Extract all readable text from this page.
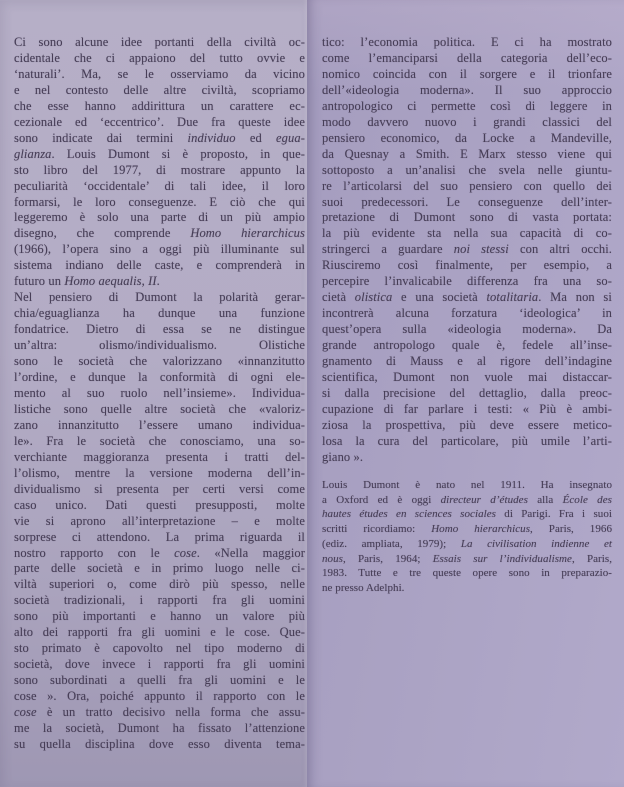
Ci sono alcune idee portanti della civiltà oc-
cidentale che ci appaiono del tutto ovvie e
‘naturali’. Ma, se le osserviamo da vicino
e nel contesto delle altre civiltà, scopriamo
che esse hanno addirittura un carattere ec-
cezionale ed ‘eccentrico’. Due fra queste idee
sono indicate dai termini individuo ed egua-
glianza. Louis Dumont si è proposto, in que-
sto libro del 1977, di mostrare appunto la
peculiarità ‘occidentale’ di tali idee, il loro
formarsi, le loro conseguenze. E ciò che qui
leggeremo è solo una parte di un più ampio
disegno, che comprende Homo hierarchicus
(1966), l’opera sino a oggi più illuminante sul
sistema indiano delle caste, e comprenderà in
futuro un Homo aequalis, II.
Nel pensiero di Dumont la polarità gerar-
chia/eguaglianza ha dunque una funzione
fondatrice. Dietro di essa se ne distingue
un’altra: olismo/individualismo. Olistiche
sono le società che valorizzano «innanzitutto
l’ordine, e dunque la conformità di ogni ele-
mento al suo ruolo nell’insieme». Individua-
listiche sono quelle altre società che «valoriz-
zano innanzitutto l’essere umano individua-
le». Fra le società che conosciamo, una so-
verchiante maggioranza presenta i tratti del-
l’olismo, mentre la versione moderna dell’in-
dividualismo si presenta per certi versi come
caso unico. Dati questi presupposti, molte
vie si aprono all’interpretazione – e molte
sorprese ci attendono. La prima riguarda il
nostro rapporto con le cose. «Nella maggior
parte delle società e in primo luogo nelle ci-
viltà superiori o, come dirò più spesso, nelle
società tradizionali, i rapporti fra gli uomini
sono più importanti e hanno un valore più
alto dei rapporti fra gli uomini e le cose. Que-
sto primato è capovolto nel tipo moderno di
società, dove invece i rapporti fra gli uomini
sono subordinati a quelli fra gli uomini e le
cose ». Ora, poiché appunto il rapporto con le
cose è un tratto decisivo nella forma che assu-
me la società, Dumont ha fissato l’attenzione
su quella disciplina dove esso diventa tema-
tico: l’economia politica. E ci ha mostrato
come l’emanciparsi della categoria dell’eco-
nomico coincida con il sorgere e il trionfare
dell’«ideologia moderna». Il suo approccio
antropologico ci permette così di leggere in
modo davvero nuovo i grandi classici del
pensiero economico, da Locke a Mandeville,
da Quesnay a Smith. E Marx stesso viene qui
sottoposto a un’analisi che svela nelle giuntu-
re l’articolarsi del suo pensiero con quello dei
suoi predecessori. Le conseguenze dell’inter-
pretazione di Dumont sono di vasta portata:
la più evidente sta nella sua capacità di co-
stringerci a guardare noi stessi con altri occhi.
Riusciremo così finalmente, per esempio, a
percepire l’invalicabile differenza fra una so-
cietà olistica e una società totalitaria. Ma non si
incontrerà alcuna forzatura ‘ideologica’ in
quest’opera sulla «ideologia moderna». Da
grande antropologo quale è, fedele all’inse-
gnamento di Mauss e al rigore dell’indagine
scientifica, Dumont non vuole mai distaccar-
si dalla precisione del dettaglio, dalla preoc-
cupazione di far parlare i testi: « Più è ambi-
ziosa la prospettiva, più deve essere metico-
losa la cura del particolare, più umile l’arti-
giano ».
Louis Dumont è nato nel 1911. Ha insegnato
a Oxford ed è oggi directeur d’études alla École des
hautes études en sciences sociales di Parigi. Fra i suoi
scritti ricordiamo: Homo hierarchicus, Paris, 1966
(ediz. ampliata, 1979); La civilisation indienne et
nous, Paris, 1964; Essais sur l’individualisme, Paris,
1983. Tutte e tre queste opere sono in preparazio-
ne presso Adelphi.
